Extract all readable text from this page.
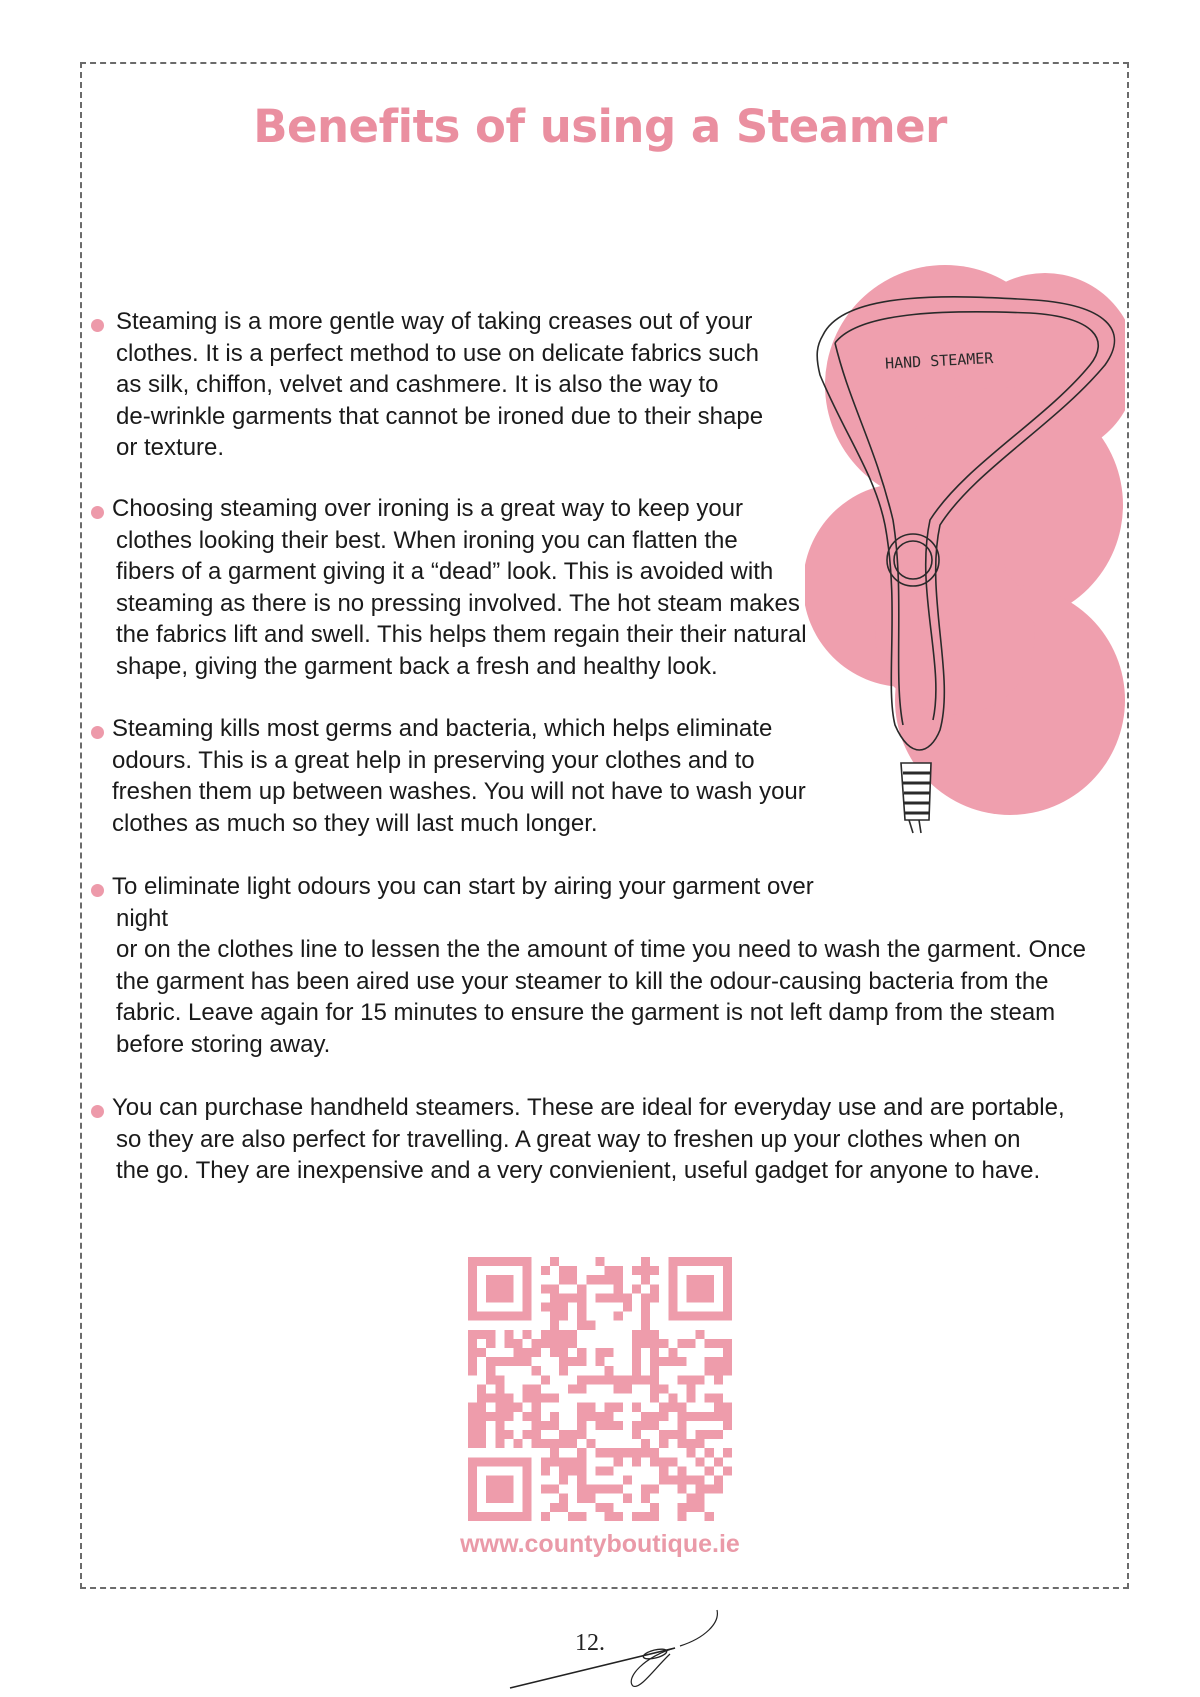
Benefits of using a Steamer
HAND STEAMER

Steaming is a more gentle way of taking creases out of your
clothes. It is a perfect method to use on delicate fabrics such
as silk, chiffon, velvet and cashmere. It is also the way to
de-wrinkle garments that cannot be ironed due to their shape
or texture.

Choosing steaming over ironing is a great way to keep your
clothes looking their best. When ironing you can flatten the
fibers of a garment giving it a “dead” look. This is avoided with
steaming as there is no pressing involved. The hot steam makes
the fabrics lift and swell. This helps them regain their their natural
shape, giving the garment back a fresh and healthy look.

Steaming kills most germs and bacteria, which helps eliminate
odours. This is a great help in preserving your clothes and to
freshen them up between washes. You will not have to wash your
clothes as much so they will last much longer.

To eliminate light odours you can start by airing your garment over
night
or on the clothes line to lessen the the amount of time you need to wash the garment. Once
the garment has been aired use your steamer to kill the odour-causing bacteria from the
fabric. Leave again for 15 minutes to ensure the garment is not left damp from the steam
before storing away.

You can purchase handheld steamers. These are ideal for everyday use and are portable,
so they are also perfect for travelling. A great way to freshen up your clothes when on
the go. They are inexpensive and a very convienient, useful gadget for anyone to have.

www.countyboutique.ie

12.
